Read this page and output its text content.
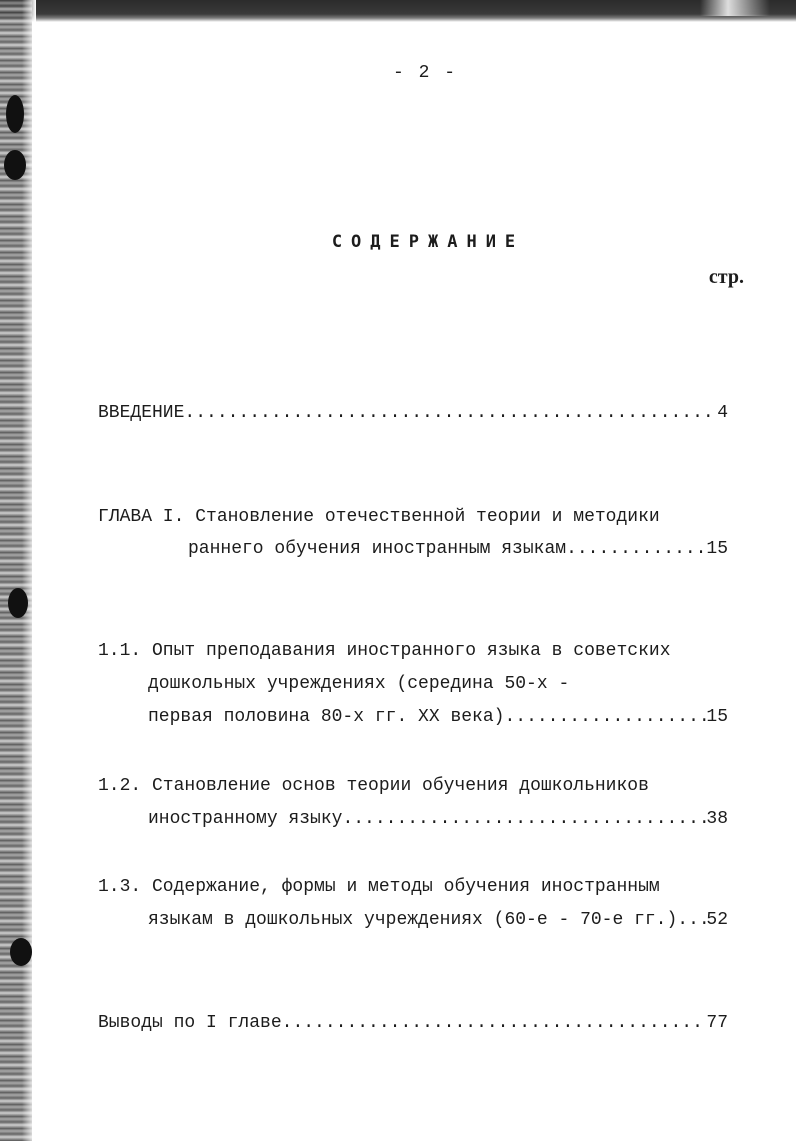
- 2 -
СОДЕРЖАНИЕ
стр.
ВВЕДЕНИЕ .....	4
ГЛАВА I. Становление отечественной теории и методики
раннего обучения иностранным языкам .....	15
1.1. Опыт преподавания иностранного языка в советских
дошкольных учреждениях (середина 50-х -
первая половина 80-х гг. XX века) .....	15
1.2. Становление основ теории обучения дошкольников
иностранному языку .....	38
1.3. Содержание, формы и методы обучения иностранным
языкам в дошкольных учреждениях (60-е - 70-е гг.) ..... 52
Выводы по I главе .....	77
